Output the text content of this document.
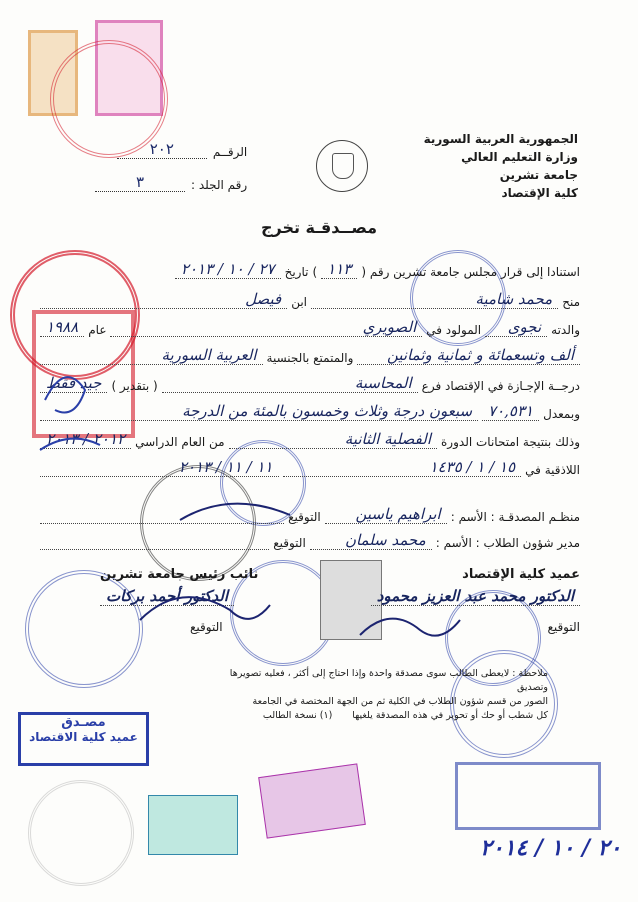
الجمهورية العربية السورية
وزارة التعليم العالي
جامعة تشرين
كلية الإقتصاد
الرقــم
٢٠٢
رقم الجلد :
٣
مصــدقـة تخرج
استنادا إلى قرار مجلس جامعة تشرين رقم (
١١٣
)
تاريخ
٢٧ / ١٠ / ٢٠١٣
منح
محمد شامية
ابن
فيصل
والدته
نجوى
المولود في
الصويري
عام
١٩٨٨
ألف وتسعمائة و ثمانية وثمانين
والمتمتع بالجنسية
العربية السورية
درجــة الإجـازة في الإقتصاد فرع
المحاسبة
( بتقدير )
جيد فقط
وبمعدل
٧٠,٥٣١
سبعون درجة وثلاث وخمسون بالمئة من الدرجة
وذلك بنتيجة امتحانات الدورة
الفصلية الثانية
من العام الدراسي
٢٠١٢ / ٢٠١٣
اللاذقية في
١٥ / ١ / ١٤٣٥
١١ / ١١ / ٢٠١٣
منظـم المصدقـة : الأسم :
ابراهيم ياسين
التوقيع
مدير شؤون الطلاب : الأسم :
محمد سلمان
التوقيع
عميد كلية الإقتصاد
نائب رئيس جامعة تشرين
الدكتور محمد عبد العزيز محمود
الدكتور أحمد بركات
التوقيع
التوقيع
ملاحظة : لايعطى الطالب سوى مصدقة واحدة وإذا احتاج إلى أكثر ، فعليه تصويرها وتصديق
الصور من قسم شؤون الطلاب في الكلية ثم من الجهة المختصة في الجامعة
كل شطب أو حك أو تحوير في هذه المصدقة يلغيها
(١) نسخة الطالب
مصـدق
عميد كلية الاقتصاد
٢٠ / ١٠ / ٢٠١٤
